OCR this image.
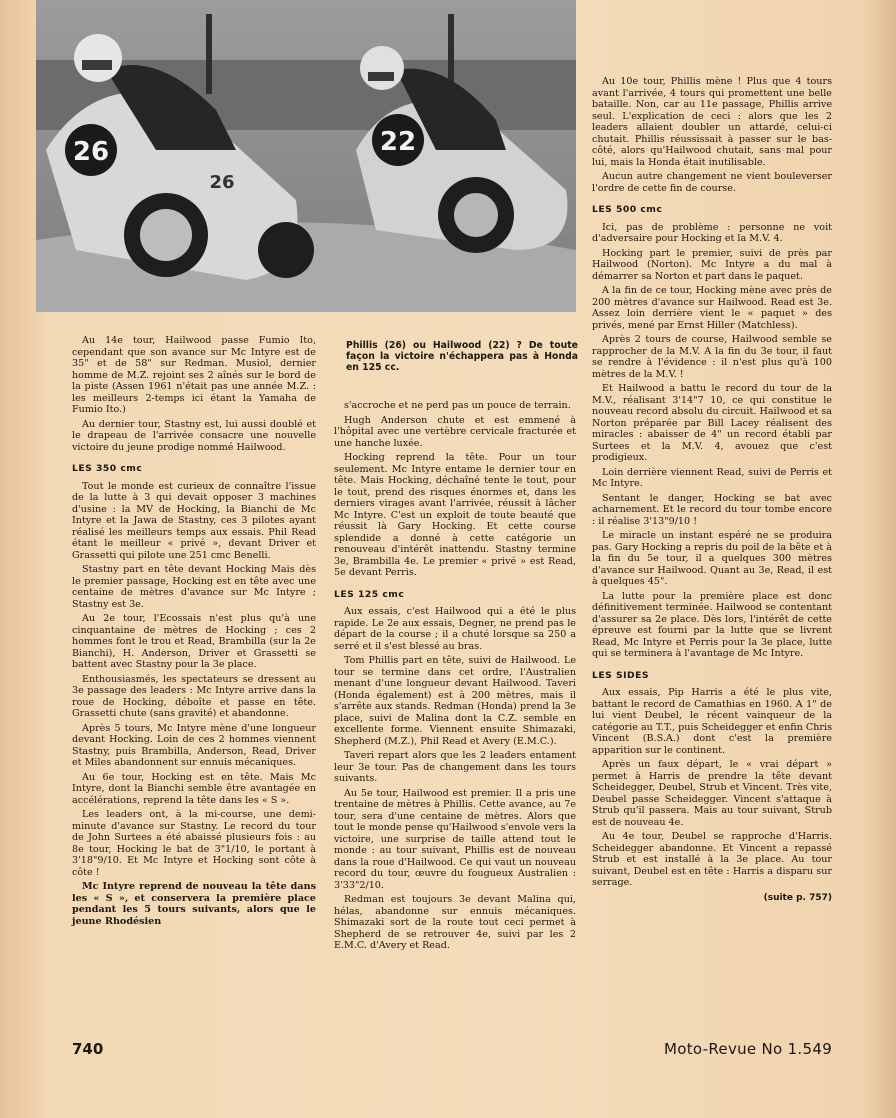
26
26
22
Phillis (26) ou Hailwood (22) ? De toute façon la victoire n'échappera pas à Honda en 125 cc.

Au 14e tour, Hailwood passe Fumio Ito, cependant que son avance sur Mc Intyre est de 35" et de 58" sur Redman. Musiol, dernier homme de M.Z. rejoint ses 2 aînés sur le bord de la piste (Assen 1961 n'était pas une année M.Z. : les meilleurs 2-temps ici étant la Yamaha de Fumio Ito.)

Au dernier tour, Stastny est, lui aussi doublé et le drapeau de l'arrivée consacre une nouvelle victoire du jeune prodige nommé Hailwood.

LES 350 cmc

Tout le monde est curieux de connaître l'issue de la lutte à 3 qui devait opposer 3 machines d'usine : la MV de Hocking, la Bianchi de Mc Intyre et la Jawa de Stastny, ces 3 pilotes ayant réalisé les meilleurs temps aux essais. Phil Read étant le meilleur « privé », devant Driver et Grassetti qui pilote une 251 cmc Benelli.

Stastny part en tête devant Hocking Mais dès le premier passage, Hocking est en tête avec une centaine de mètres d'avance sur Mc Intyre ; Stastny est 3e.

Au 2e tour, l'Ecossais n'est plus qu'à une cinquantaine de mètres de Hocking ; ces 2 hommes font le trou et Read, Brambilla (sur la 2e Bianchi), H. Anderson, Driver et Grassetti se battent avec Stastny pour la 3e place.

Enthousiasmés, les spectateurs se dressent au 3e passage des leaders : Mc Intyre arrive dans la roue de Hocking, déboîte et passe en tête. Grassetti chute (sans gravité) et abandonne.

Après 5 tours, Mc Intyre mène d'une longueur devant Hocking. Loin de ces 2 hommes viennent Stastny, puis Brambilla, Anderson, Read, Driver et Miles abandonnent sur ennuis mécaniques.

Au 6e tour, Hocking est en tête. Mais Mc Intyre, dont la Bianchi semble être avantagée en accélérations, reprend la tête dans les « S ».

Les leaders ont, à la mi-course, une demi-minute d'avance sur Stastny. Le record du tour de John Surtees a été abaissé plusieurs fois : au 8e tour, Hocking le bat de 3"1/10, le portant à 3'18"9/10. Et Mc Intyre et Hocking sont côte à côte !

Mc Intyre reprend de nouveau la tête dans les « S », et conservera la première place pendant les 5 tours suivants, alors que le jeune Rhodésien

s'accroche et ne perd pas un pouce de terrain.

Hugh Anderson chute et est emmené à l'hôpital avec une vertèbre cervicale fracturée et une hanche luxée.

Hocking reprend la tête. Pour un tour seulement. Mc Intyre entame le dernier tour en tête. Mais Hocking, déchaîné tente le tout, pour le tout, prend des risques énormes et, dans les derniers virages avant l'arrivée, réussit à lâcher Mc Intyre. C'est un exploit de toute beauté que réussit là Gary Hocking. Et cette course splendide a donné à cette catégorie un renouveau d'intérêt inattendu. Stastny termine 3e, Brambilla 4e. Le premier « privé » est Read, 5e devant Perris.

LES 125 cmc

Aux essais, c'est Hailwood qui a été le plus rapide. Le 2e aux essais, Degner, ne prend pas le départ de la course ; il a chuté lorsque sa 250 a serré et il s'est blessé au bras.

Tom Phillis part en tête, suivi de Hailwood. Le tour se termine dans cet ordre, l'Australien menant d'une longueur devant Hailwood. Taveri (Honda également) est à 200 mètres, mais il s'arrête aux stands. Redman (Honda) prend la 3e place, suivi de Malina dont la C.Z. semble en excellente forme. Viennent ensuite Shimazaki, Shepherd (M.Z.), Phil Read et Avery (E.M.C.).

Taveri repart alors que les 2 leaders entament leur 3e tour. Pas de changement dans les tours suivants.

Au 5e tour, Hailwood est premier. Il a pris une trentaine de mètres à Phillis. Cette avance, au 7e tour, sera d'une centaine de mètres. Alors que tout le monde pense qu'Hailwood s'envole vers la victoire, une surprise de taille attend tout le monde : au tour suivant, Phillis est de nouveau dans la roue d'Hailwood. Ce qui vaut un nouveau record du tour, œuvre du fougueux Australien : 3'33"2/10.

Redman est toujours 3e devant Malina qui, hélas, abandonne sur ennuis mécaniques. Shimazaki sort de la route tout ceci permet à Shepherd de se retrouver 4e, suivi par les 2 E.M.C. d'Avery et Read.

Au 10e tour, Phillis mène ! Plus que 4 tours avant l'arrivée, 4 tours qui promettent une belle bataille. Non, car au 11e passage, Phillis arrive seul. L'explication de ceci : alors que les 2 leaders allaient doubler un attardé, celui-ci chutait. Phillis réussissait à passer sur le bas-côté, alors qu'Hailwood chutait, sans mal pour lui, mais la Honda était inutilisable.

Aucun autre changement ne vient bouleverser l'ordre de cette fin de course.

LES 500 cmc

Ici, pas de problème : personne ne voit d'adversaire pour Hocking et la M.V. 4.

Hocking part le premier, suivi de près par Hailwood (Norton). Mc Intyre a du mal à démarrer sa Norton et part dans le paquet.

A la fin de ce tour, Hocking mène avec près de 200 mètres d'avance sur Hailwood. Read est 3e. Assez loin derrière vient le « paquet » des privés, mené par Ernst Hiller (Matchless).

Après 2 tours de course, Hailwood semble se rapprocher de la M.V. A la fin du 3e tour, il faut se rendre à l'évidence : il n'est plus qu'à 100 mètres de la M.V. !

Et Hailwood a battu le record du tour de la M.V., réalisant 3'14"7 10, ce qui constitue le nouveau record absolu du circuit. Hailwood et sa Norton préparée par Bill Lacey réalisent des miracles : abaisser de 4" un record établi par Surtees et la M.V. 4, avouez que c'est prodigieux.

Loin derrière viennent Read, suivi de Perris et Mc Intyre.

Sentant le danger, Hocking se bat avec acharnement. Et le record du tour tombe encore : il réalise 3'13"9/10 !

Le miracle un instant espéré ne se produira pas. Gary Hocking a repris du poil de la bête et à la fin du 5e tour, il a quelques 300 mètres d'avance sur Hailwood. Quant au 3e, Read, il est à quelques 45".

La lutte pour la première place est donc définitivement terminée. Hailwood se contentant d'assurer sa 2e place. Dès lors, l'intérêt de cette épreuve est fourni par la lutte que se livrent Read, Mc Intyre et Perris pour la 3e place, lutte qui se terminera à l'avantage de Mc Intyre.

LES SIDES

Aux essais, Pip Harris a été le plus vite, battant le record de Camathias en 1960. A 1" de lui vient Deubel, le récent vainqueur de la catégorie au T.T., puis Scheidegger et enfin Chris Vincent (B.S.A.) dont c'est la première apparition sur le continent.

Après un faux départ, le « vrai départ » permet à Harris de prendre la tête devant Scheidegger, Deubel, Strub et Vincent. Très vite, Deubel passe Scheidegger. Vincent s'attaque à Strub qu'il passera. Mais au tour suivant, Strub est de nouveau 4e.

Au 4e tour, Deubel se rapproche d'Harris. Scheidegger abandonne. Et Vincent a repassé Strub et est installé à la 3e place. Au tour suivant, Deubel est en tête : Harris a disparu sur serrage.

(suite p. 757)
740	Moto-Revue No 1.549
